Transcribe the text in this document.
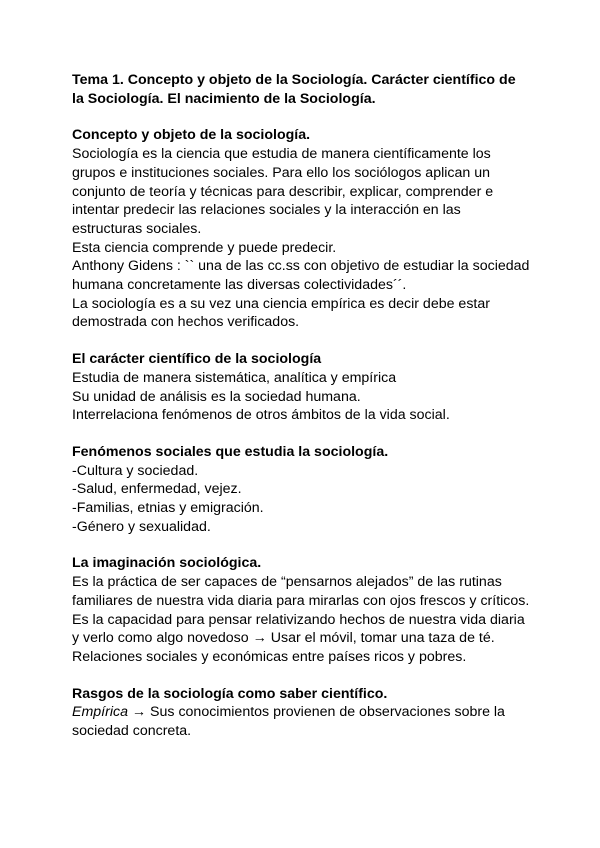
Tema 1. Concepto y objeto de la Sociología. Carácter científico de

la Sociología. El nacimiento de la Sociología.

Concepto y objeto de la sociología.

Sociología es la ciencia que estudia de manera científicamente los

grupos e instituciones sociales. Para ello los sociólogos aplican un

conjunto de teoría y técnicas para describir, explicar, comprender e

intentar predecir las relaciones sociales y la interacción en las

estructuras sociales.

Esta ciencia comprende y puede predecir.

Anthony Gidens : `` una de las cc.ss con objetivo de estudiar la sociedad

humana concretamente las diversas colectividades´´.

La sociología es a su vez una ciencia empírica es decir debe estar

demostrada con hechos verificados.

El carácter científico de la sociología

Estudia de manera sistemática, analítica y empírica

Su unidad de análisis es la sociedad humana.

Interrelaciona fenómenos de otros ámbitos de la vida social.

Fenómenos sociales que estudia la sociología.

-Cultura y sociedad.

-Salud, enfermedad, vejez.

-Familias, etnias y emigración.

-Género y sexualidad.

La imaginación sociológica.

Es la práctica de ser capaces de “pensarnos alejados” de las rutinas

familiares de nuestra vida diaria para mirarlas con ojos frescos y críticos.

Es la capacidad para pensar relativizando hechos de nuestra vida diaria

y verlo como algo novedoso → Usar el móvil, tomar una taza de té.

Relaciones sociales y económicas entre países ricos y pobres.

Rasgos de la sociología como saber científico.

Empírica → Sus conocimientos provienen de observaciones sobre la

sociedad concreta.
